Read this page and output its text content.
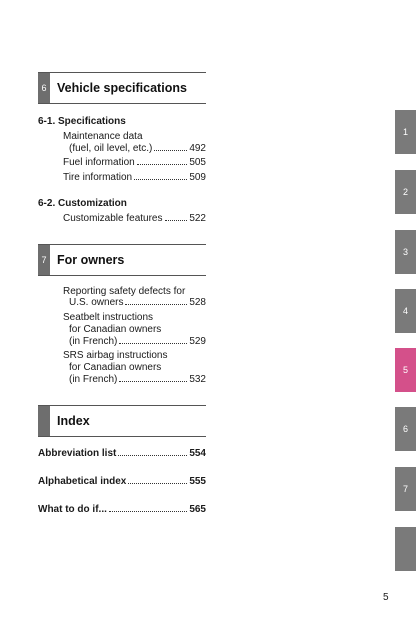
6 Vehicle specifications
6-1. Specifications
Maintenance data
(fuel, oil level, etc.)	492
Fuel information	505
Tire information	509
6-2. Customization
Customizable features	522
7 For owners
Reporting safety defects for
U.S. owners	528
Seatbelt instructions
for Canadian owners
(in French)	529
SRS airbag instructions
for Canadian owners
(in French)	532
Index
Abbreviation list	554
Alphabetical index	555
What to do if...	565
1
2
3
4
5
6
7
5
